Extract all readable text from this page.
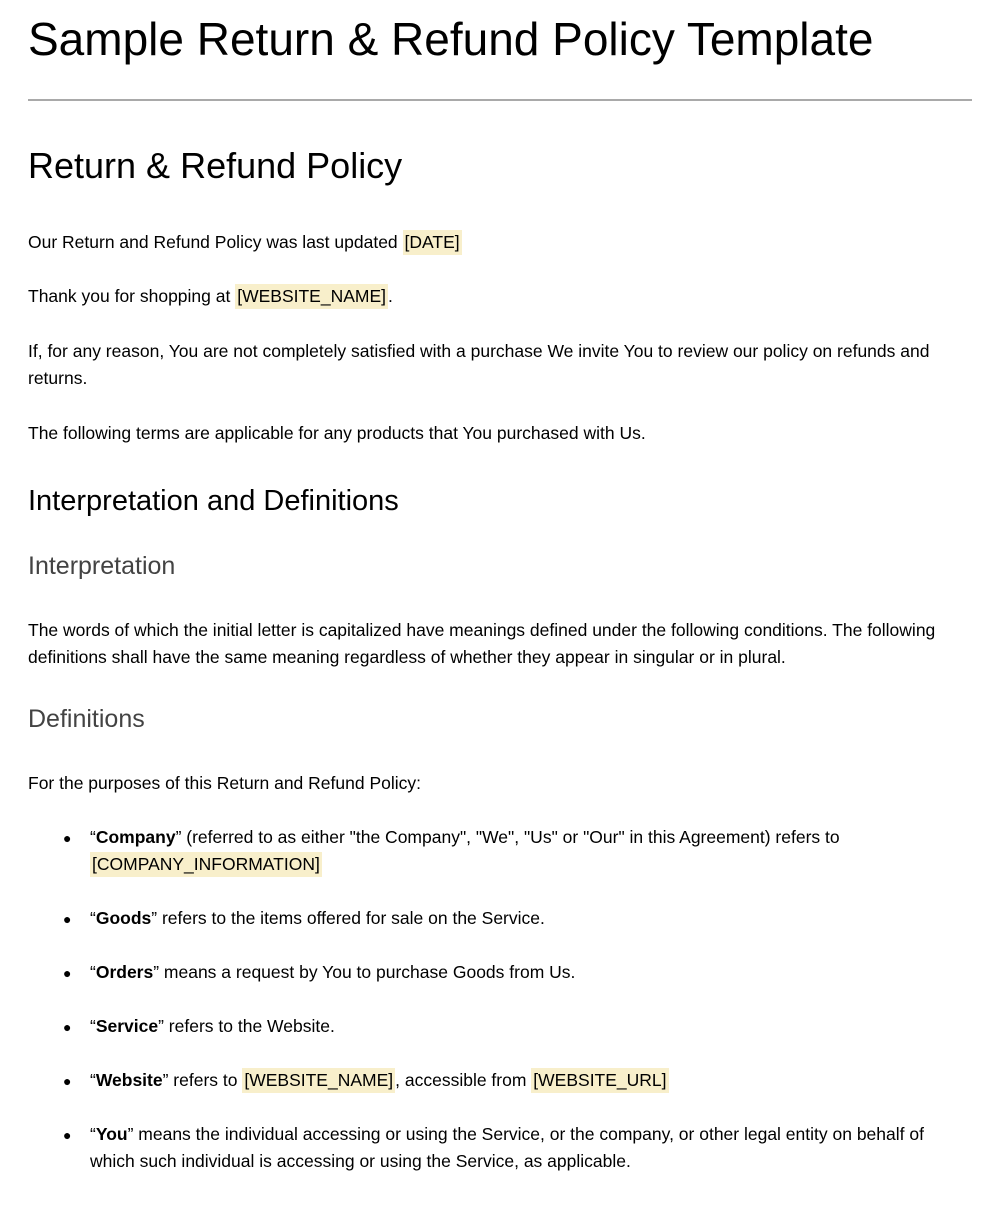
Sample Return & Refund Policy Template
Return & Refund Policy

Our Return and Refund Policy was last updated [DATE]

Thank you for shopping at [WEBSITE_NAME] .

If, for any reason, You are not completely satisfied with a purchase We invite You to review our policy on refunds and returns.

The following terms are applicable for any products that You purchased with Us.

Interpretation and Definitions
Interpretation

The words of which the initial letter is capitalized have meanings defined under the following conditions. The following definitions shall have the same meaning regardless of whether they appear in singular or in plural.

Definitions

For the purposes of this Return and Refund Policy:

● “Company” (referred to as either "the Company", "We", "Us" or "Our" in this Agreement) refers to [COMPANY_INFORMATION]
● “Goods” refers to the items offered for sale on the Service.
● “Orders” means a request by You to purchase Goods from Us.
● “Service” refers to the Website.
● “Website” refers to [WEBSITE_NAME] , accessible from [WEBSITE_URL]
● “You” means the individual accessing or using the Service, or the company, or other legal entity on behalf of which such individual is accessing or using the Service, as applicable.
